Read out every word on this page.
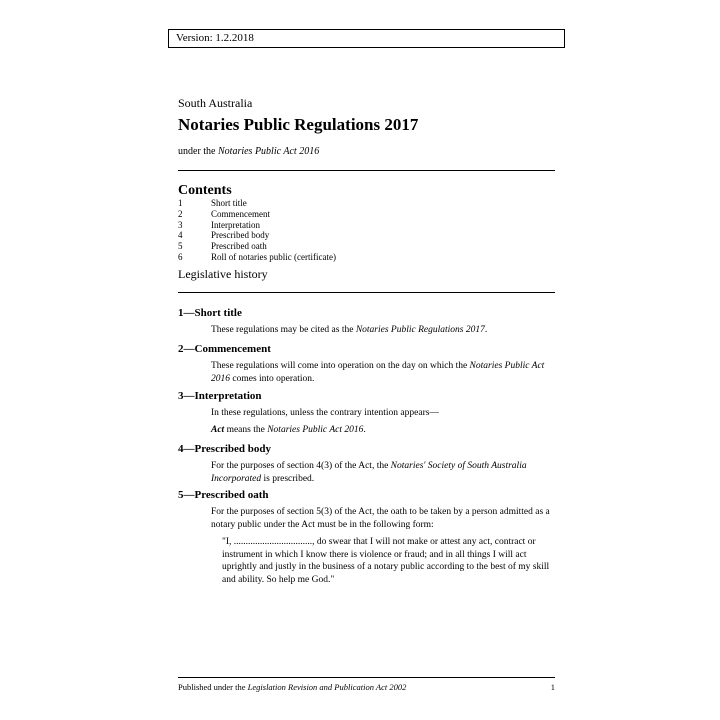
Version: 1.2.2018
South Australia
Notaries Public Regulations 2017
under the Notaries Public Act 2016
Contents
1	Short title
2	Commencement
3	Interpretation
4	Prescribed body
5	Prescribed oath
6	Roll of notaries public (certificate)
Legislative history
1—Short title
These regulations may be cited as the Notaries Public Regulations 2017.
2—Commencement
These regulations will come into operation on the day on which the Notaries Public Act 2016 comes into operation.
3—Interpretation
In these regulations, unless the contrary intention appears—
Act means the Notaries Public Act 2016.
4—Prescribed body
For the purposes of section 4(3) of the Act, the Notaries' Society of South Australia Incorporated is prescribed.
5—Prescribed oath
For the purposes of section 5(3) of the Act, the oath to be taken by a person admitted as a notary public under the Act must be in the following form:
"I, ................................., do swear that I will not make or attest any act, contract or instrument in which I know there is violence or fraud; and in all things I will act uprightly and justly in the business of a notary public according to the best of my skill and ability. So help me God."
Published under the Legislation Revision and Publication Act 2002	1
